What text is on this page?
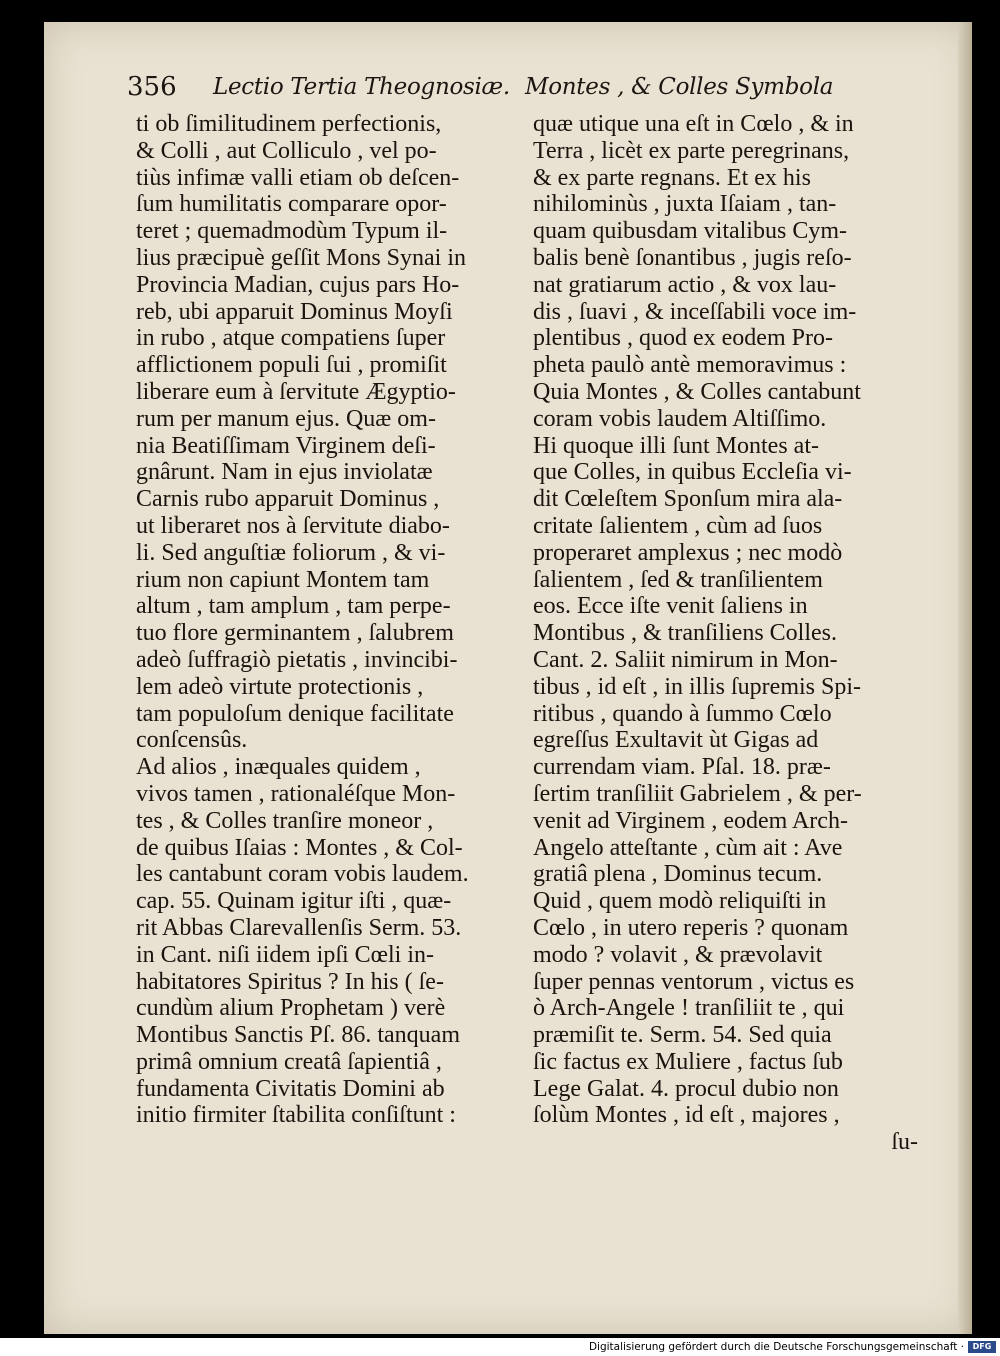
356 Lectio Tertia Theognosiæ. Montes , & Colles Symbola
ti ob ſimilitudinem perfectionis,
& Colli , aut Colliculo , vel po-
tiùs infimæ valli etiam ob deſcen-
ſum humilitatis comparare opor-
teret ; quemadmodùm Typum il-
lius præcipuè geſſit Mons Synai in
Provincia Madian, cujus pars Ho-
reb, ubi apparuit Dominus Moyſi
in rubo , atque compatiens ſuper
afflictionem populi ſui , promiſit
liberare eum à ſervitute Ægyptio-
rum per manum ejus. Quæ om-
nia Beatiſſimam Virginem deſi-
gnârunt. Nam in ejus inviolatæ
Carnis rubo apparuit Dominus ,
ut liberaret nos à ſervitute diabo-
li. Sed anguſtiæ foliorum , & vi-
rium non capiunt Montem tam
altum , tam amplum , tam perpe-
tuo flore germinantem , ſalubrem
adeò ſuffragiò pietatis , invincibi-
lem adeò virtute protectionis ,
tam populoſum denique facilitate
conſcensûs.
Ad alios , inæquales quidem ,
vivos tamen , rationaléſque Mon-
tes , & Colles tranſire moneor ,
de quibus Iſaias : Montes , & Col-
les cantabunt coram vobis laudem.
cap. 55. Quinam igitur iſti , quæ-
rit Abbas Clarevallenſis Serm. 53.
in Cant. niſi iidem ipſi Cœli in-
habitatores Spiritus ? In his ( ſe-
cundùm alium Prophetam ) verè
Montibus Sanctis Pſ. 86. tanquam
primâ omnium creatâ ſapientiâ ,
fundamenta Civitatis Domini ab
initio firmiter ſtabilita conſiſtunt :
quæ utique una eſt in Cœlo , & in
Terra , licèt ex parte peregrinans,
& ex parte regnans. Et ex his
nihilominùs , juxta Iſaiam , tan-
quam quibusdam vitalibus Cym-
balis benè ſonantibus , jugis reſo-
nat gratiarum actio , & vox lau-
dis , ſuavi , & inceſſabili voce im-
plentibus , quod ex eodem Pro-
pheta paulò antè memoravimus :
Quia Montes , & Colles cantabunt
coram vobis laudem Altiſſimo.
Hi quoque illi ſunt Montes at-
que Colles, in quibus Eccleſia vi-
dit Cœleſtem Sponſum mira ala-
critate ſalientem , cùm ad ſuos
properaret amplexus ; nec modò
ſalientem , ſed & tranſilientem
eos. Ecce iſte venit ſaliens in
Montibus , & tranſiliens Colles.
Cant. 2. Saliit nimirum in Mon-
tibus , id eſt , in illis ſupremis Spi-
ritibus , quando à ſummo Cœlo
egreſſus Exultavit ùt Gigas ad
currendam viam. Pſal. 18. præ-
ſertim tranſiliit Gabrielem , & per-
venit ad Virginem , eodem Arch-
Angelo atteſtante , cùm ait : Ave
gratiâ plena , Dominus tecum.
Quid , quem modò reliquiſti in
Cœlo , in utero reperis ? quonam
modo ? volavit , & prævolavit
ſuper pennas ventorum , victus es
ò Arch-Angele ! tranſiliit te , qui
præmiſit te. Serm. 54. Sed quia
ſic factus ex Muliere , factus ſub
Lege Galat. 4. procul dubio non
ſolùm Montes , id eſt , majores ,
ſu-
Digitalisierung gefördert durch die Deutsche Forschungsgemeinschaft ·	DFG
